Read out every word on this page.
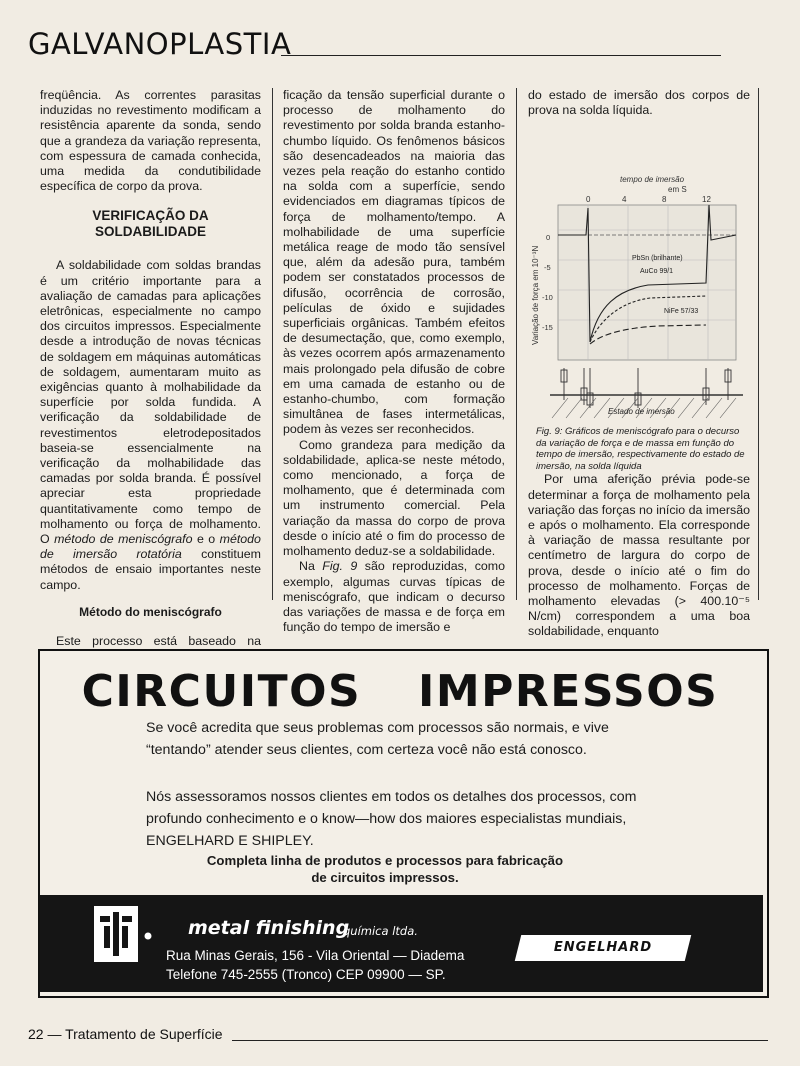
GALVANOPLASTIA

freqüência. As correntes parasitas induzidas no revestimento modificam a resistência aparente da sonda, sendo que a grandeza da variação representa, com espessura de camada conhecida, uma medida da condutibilidade específica de corpo da prova.

VERIFICAÇÃO DA SOLDABILIDADE

A soldabilidade com soldas brandas é um critério importante para a avaliação de camadas para aplicações eletrônicas, especialmente no campo dos circuitos impressos. Especialmente desde a introdução de novas técnicas de soldagem em máquinas automáticas de soldagem, aumentaram muito as exigências quanto à molhabilidade da superfície por solda fundida. A verificação da soldabilidade de revestimentos eletrodepositados baseia-se essencialmente na verificação da molhabilidade das camadas por solda branda. É possível apreciar esta propriedade quantitativamente como tempo de molhamento ou força de molhamento. O método de meniscógrafo e o método de imersão rotatória constituem métodos de ensaio importantes neste campo.

Método do meniscógrafo

Este processo está baseado na

ficação da tensão superficial durante o processo de molhamento do revestimento por solda branda estanho-chumbo líquido. Os fenômenos básicos são desencadeados na maioria das vezes pela reação do estanho contido na solda com a superfície, sendo evidenciados em diagramas típicos de força de molhamento/tempo. A molhabilidade de uma superfície metálica reage de modo tão sensível que, além da adesão pura, também podem ser constatados processos de difusão, ocorrência de corrosão, películas de óxido e sujidades superficiais orgânicas. Também efeitos de desumectação, que, como exemplo, às vezes ocorrem após armazenamento mais prolongado pela difusão de cobre em uma camada de estanho ou de estanho-chumbo, com formação simultânea de fases intermetálicas, podem às vezes ser reconhecidos.

Como grandeza para medição da soldabilidade, aplica-se neste método, como mencionado, a força de molhamento, que é determinada com um instrumento comercial. Pela variação da massa do corpo de prova desde o início até o fim do processo de molhamento deduz-se a soldabilidade.

Na Fig. 9 são reproduzidas, como exemplo, algumas curvas típicas de meniscógrafo, que indicam o decurso das variações de massa e de força em função do tempo de imersão e

do estado de imersão dos corpos de prova na solda líquida.

tempo de imersão
em S
0	4	8	12
Variação de força em 10⁻³N
0
-5
-10
-15
PbSn (brilhante)
AuCo 99/1
NiFe 57/33
Estado de imersão

Fig. 9: Gráficos de meniscógrafo para o decurso da variação de força e de massa em função do tempo de imersão, respectivamente do estado de imersão, na solda líquida

Por uma aferição prévia pode-se determinar a força de molhamento pela variação das forças no início da imersão e após o molhamento. Ela corresponde à variação de massa resultante por centímetro de largura do corpo de prova, desde o início até o fim do processo de molhamento. Forças de molhamento elevadas (> 400.10⁻⁵ N/cm) correspondem a uma boa soldabilidade, enquanto

CIRCUITOS IMPRESSOS

Se você acredita que seus problemas com processos são normais, e vive “tentando” atender seus clientes, com certeza você não está conosco.

Nós assessoramos nossos clientes em todos os detalhes dos processos, com profundo conhecimento e o know—how dos maiores especialistas mundiais, ENGELHARD E SHIPLEY.

Completa linha de produtos e processos para fabricação de circuitos impressos.

metal finishing
química ltda.
Rua Minas Gerais, 156 - Vila Oriental — Diadema
Telefone 745-2555 (Tronco) CEP 09900 — SP.
ENGELHARD
22 — Tratamento de Superfície
